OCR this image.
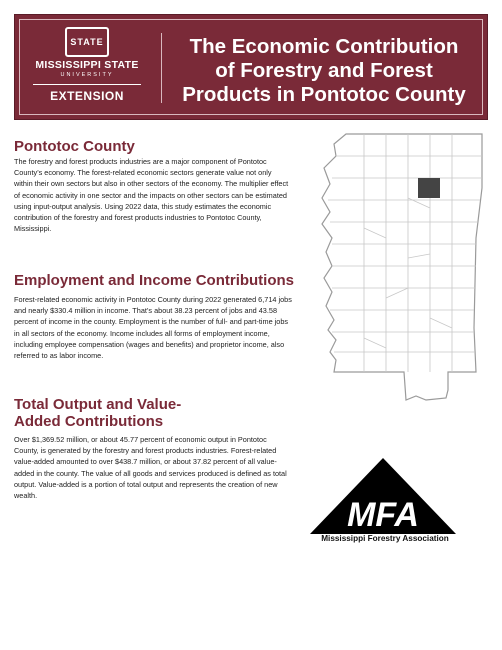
STATE
MISSISSIPPI STATE
UNIVERSITY
EXTENSION
The Economic Contribution
of Forestry and Forest
Products in Pontotoc County
Pontotoc County

The forestry and forest products industries are a major component of Pontotoc County’s economy. The forest-related economic sectors generate value not only within their own sectors but also in other sectors of the economy. The multiplier effect of economic activity in one sector and the impacts on other sectors can be estimated using input-output analysis. Using 2022 data, this study estimates the economic contribution of the forestry and forest products industries to Pontotoc County, Mississippi.

Employment and Income Contributions

Forest-related economic activity in Pontotoc County during 2022 generated 6,714 jobs and nearly $330.4 million in income. That’s about 38.23 percent of jobs and 43.58 percent of income in the county. Employment is the number of full- and part-time jobs in all sectors of the economy. Income includes all forms of employment income, including employee compensation (wages and benefits) and proprietor income, also referred to as labor income.

Total Output and Value-
Added Contributions

Over $1,369.52 million, or about 45.77 percent of economic output in Pontotoc County, is generated by the forestry and forest products industries. Forest-related value-added amounted to over $438.7 million, or about 37.82 percent of all value-added in the county. The value of all goods and services produced is defined as total output. Value-added is a portion of total output and represents the creation of new wealth.

MFA
Mississippi Forestry Association
